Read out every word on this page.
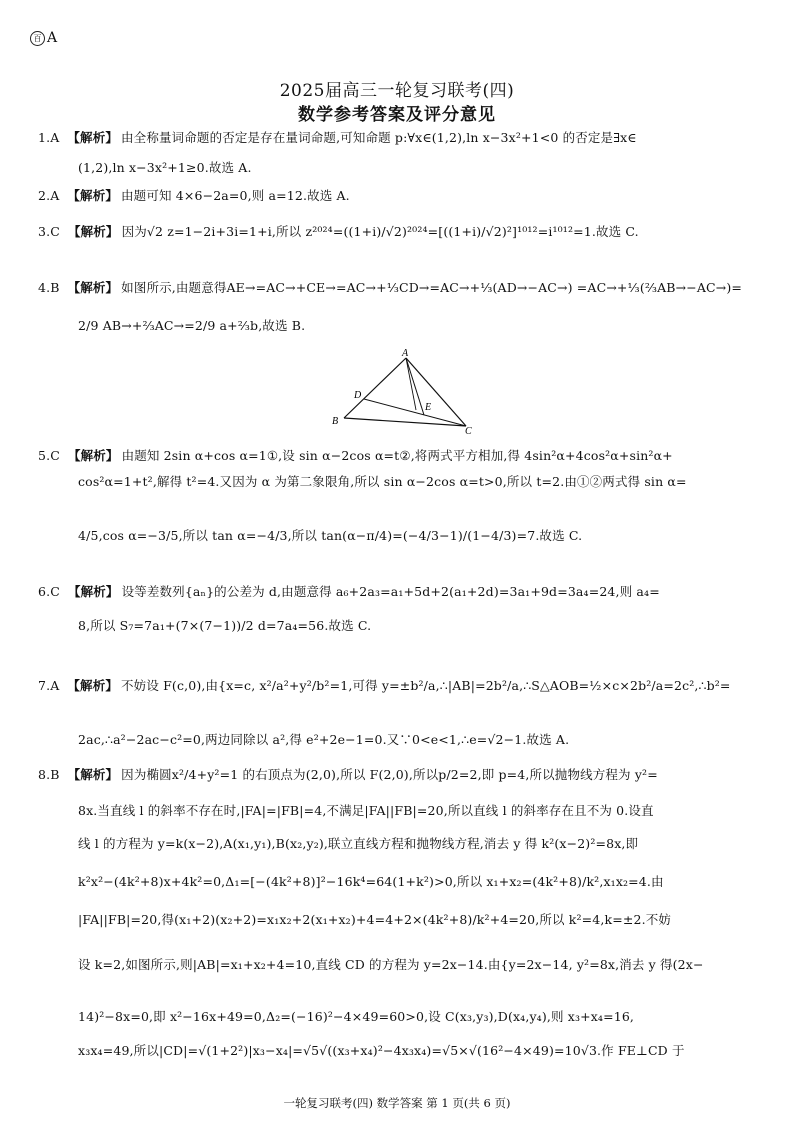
百 A
2025届高三一轮复习联考(四)
数学参考答案及评分意见
1.A 【解析】 由全称量词命题的否定是存在量词命题,可知命题 p:∀x∈(1,2),ln x−3x²+1<0 的否定是∃x∈
(1,2),ln x−3x²+1≥0.故选 A.
2.A 【解析】 由题可知 4×6−2a=0,则 a=12.故选 A.
3.C 【解析】 因为√2 z=1−2i+3i=1+i,所以 z²⁰²⁴=((1+i)/√2)²⁰²⁴=[((1+i)/√2)²]¹⁰¹²=i¹⁰¹²=1.故选 C.
4.B 【解析】 如图所示,由题意得AE→=AC→+CE→=AC→+⅓CD→=AC→+⅓(AD→−AC→) =AC→+⅓(⅔AB→−AC→)=
2/9 AB→+⅔AC→=2/9 a+⅔b,故选 B.
5.C 【解析】 由题知 2sin α+cos α=1①,设 sin α−2cos α=t②,将两式平方相加,得 4sin²α+4cos²α+sin²α+
cos²α=1+t²,解得 t²=4.又因为 α 为第二象限角,所以 sin α−2cos α=t>0,所以 t=2.由①②两式得 sin α=
4/5,cos α=−3/5,所以 tan α=−4/3,所以 tan(α−π/4)=(−4/3−1)/(1−4/3)=7.故选 C.
6.C 【解析】 设等差数列{aₙ}的公差为 d,由题意得 a₆+2a₃=a₁+5d+2(a₁+2d)=3a₁+9d=3a₄=24,则 a₄=
8,所以 S₇=7a₁+(7×(7−1))/2 d=7a₄=56.故选 C.
7.A 【解析】 不妨设 F(c,0),由{x=c, x²/a²+y²/b²=1,可得 y=±b²/a,∴|AB|=2b²/a,∴S△AOB=½×c×2b²/a=2c²,∴b²=
2ac,∴a²−2ac−c²=0,两边同除以 a²,得 e²+2e−1=0.又∵0<e<1,∴e=√2−1.故选 A.
8.B 【解析】 因为椭圆x²/4+y²=1 的右顶点为(2,0),所以 F(2,0),所以p/2=2,即 p=4,所以抛物线方程为 y²=
8x.当直线 l 的斜率不存在时,|FA|=|FB|=4,不满足|FA||FB|=20,所以直线 l 的斜率存在且不为 0.设直
线 l 的方程为 y=k(x−2),A(x₁,y₁),B(x₂,y₂),联立直线方程和抛物线方程,消去 y 得 k²(x−2)²=8x,即
k²x²−(4k²+8)x+4k²=0,Δ₁=[−(4k²+8)]²−16k⁴=64(1+k²)>0,所以 x₁+x₂=(4k²+8)/k²,x₁x₂=4.由
|FA||FB|=20,得(x₁+2)(x₂+2)=x₁x₂+2(x₁+x₂)+4=4+2×(4k²+8)/k²+4=20,所以 k²=4,k=±2.不妨
设 k=2,如图所示,则|AB|=x₁+x₂+4=10,直线 CD 的方程为 y=2x−14.由{y=2x−14, y²=8x,消去 y 得(2x−
14)²−8x=0,即 x²−16x+49=0,Δ₂=(−16)²−4×49=60>0,设 C(x₃,y₃),D(x₄,y₄),则 x₃+x₄=16,
x₃x₄=49,所以|CD|=√(1+2²)|x₃−x₄|=√5√((x₃+x₄)²−4x₃x₄)=√5×√(16²−4×49)=10√3.作 FE⊥CD 于
A
B
C
D
E
一轮复习联考(四) 数学答案 第 1 页(共 6 页)
